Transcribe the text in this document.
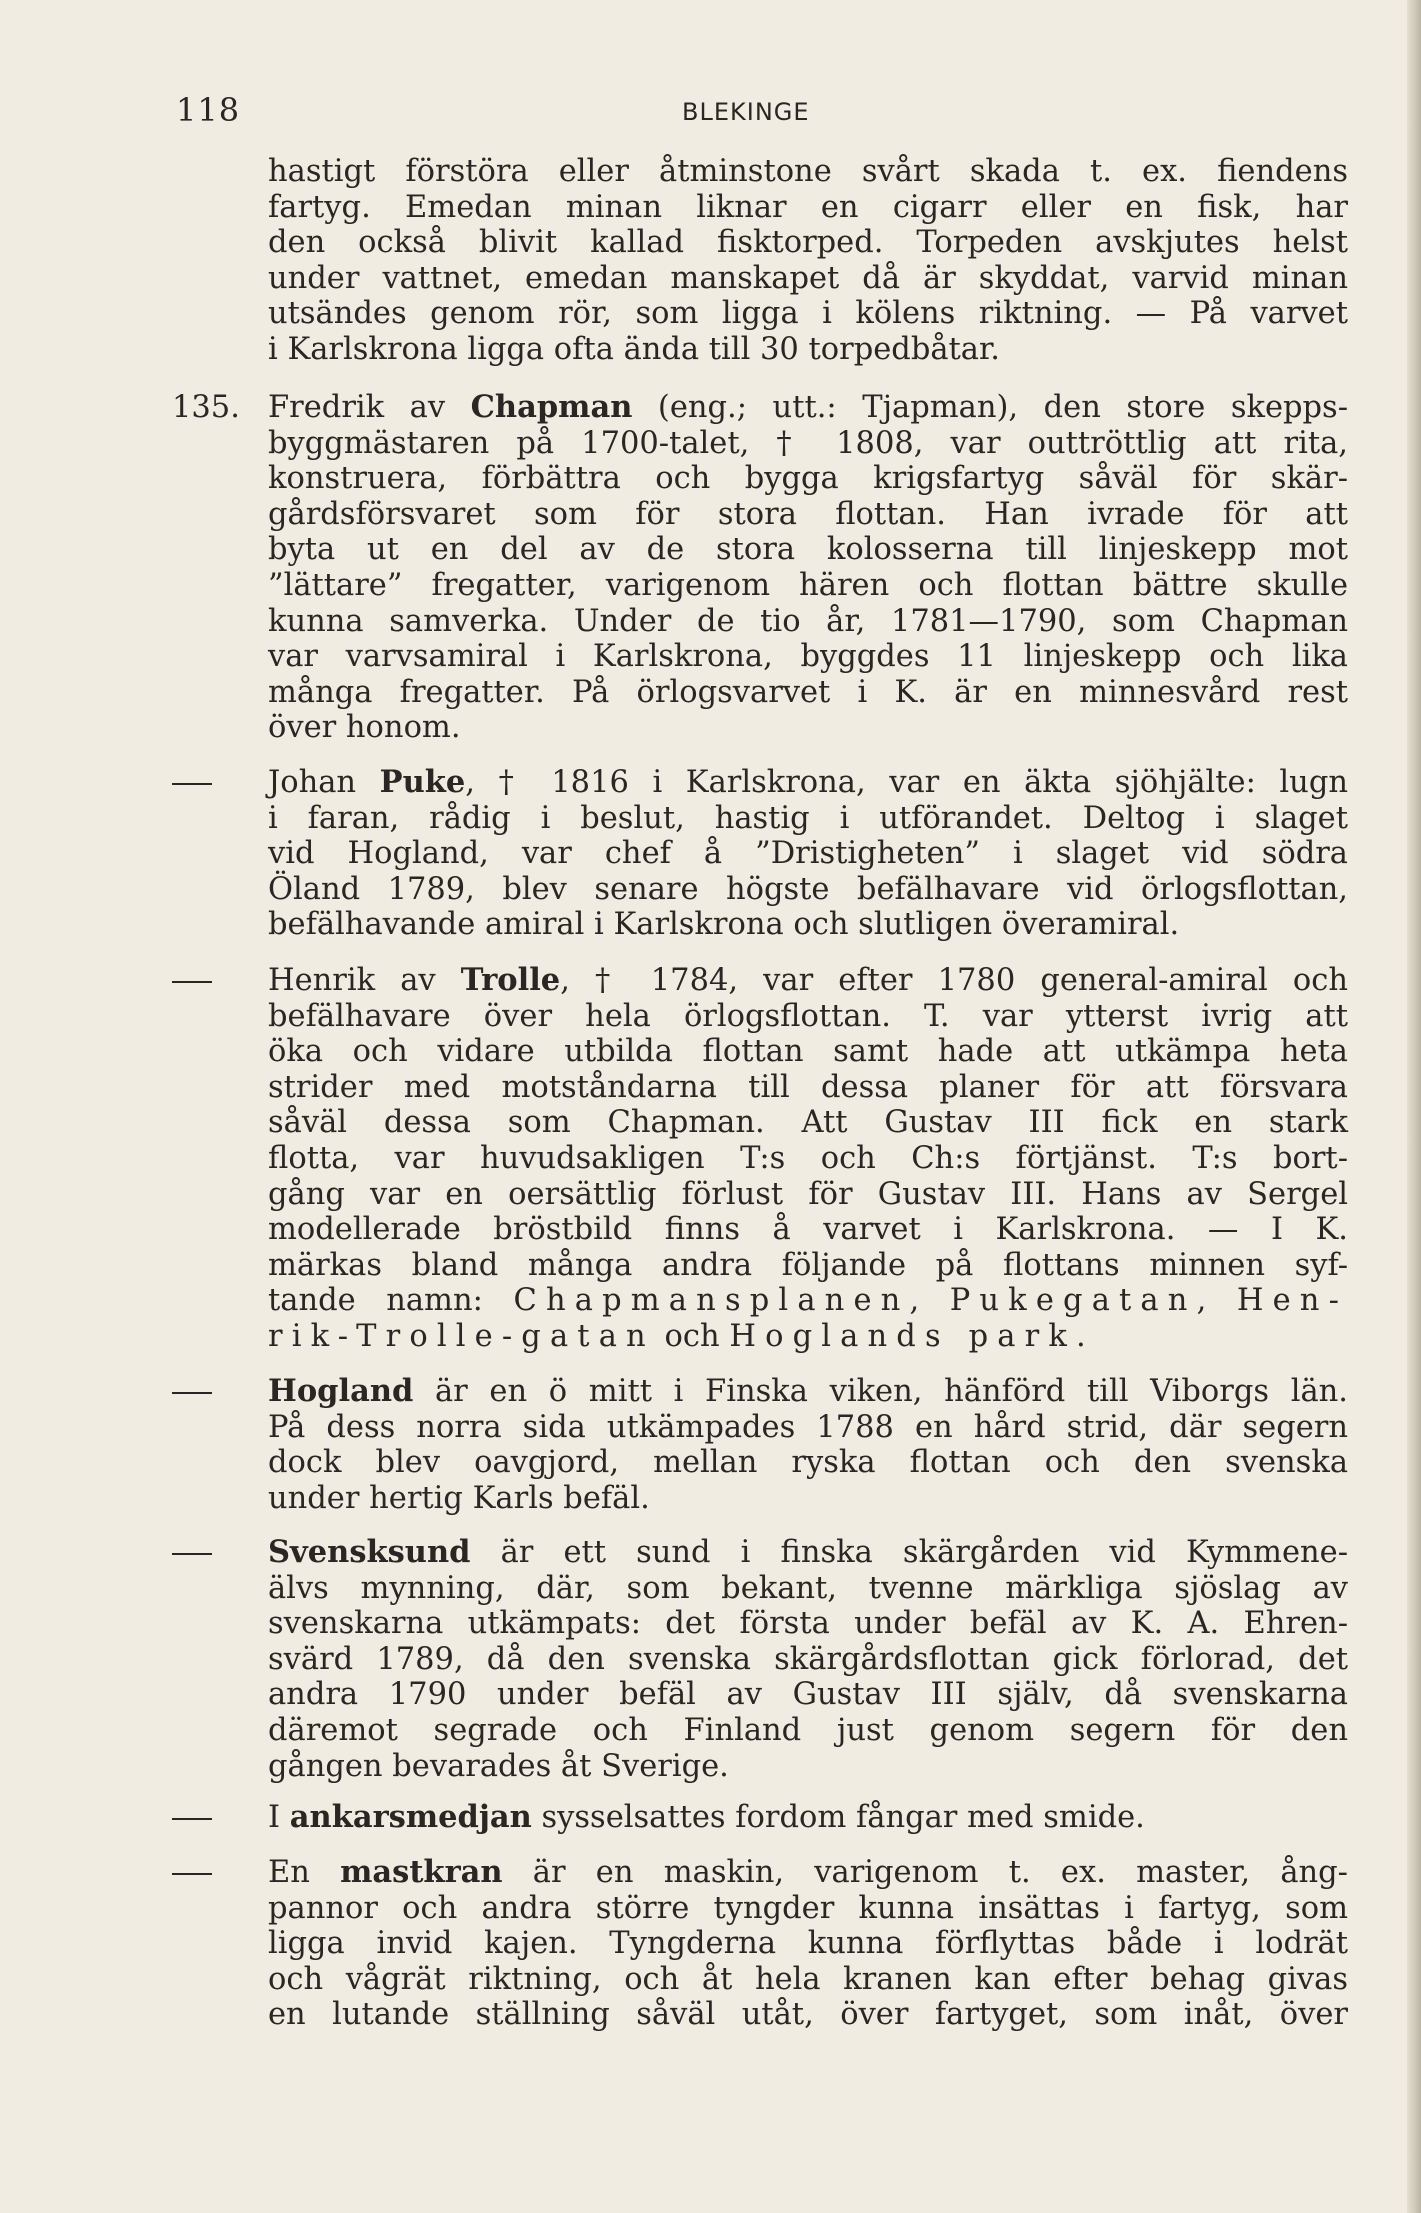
118	BLEKINGE
hastigt förstöra eller åtminstone svårt skada t. ex. fiendens
fartyg. Emedan minan liknar en cigarr eller en fisk, har
den också blivit kallad fisktorped. Torpeden avskjutes helst
under vattnet, emedan manskapet då är skyddat, varvid minan
utsändes genom rör, som ligga i kölens riktning. — På varvet
i Karlskrona ligga ofta ända till 30 torpedbåtar.
135. Fredrik av Chapman (eng.; utt.: Tjapman), den store skepps-
byggmästaren på 1700-talet, † 1808, var outtröttlig att rita,
konstruera, förbättra och bygga krigsfartyg såväl för skär-
gårdsförsvaret som för stora flottan. Han ivrade för att
byta ut en del av de stora kolosserna till linjeskepp mot
”lättare” fregatter, varigenom hären och flottan bättre skulle
kunna samverka. Under de tio år, 1781—1790, som Chapman
var varvsamiral i Karlskrona, byggdes 11 linjeskepp och lika
många fregatter. På örlogsvarvet i K. är en minnesvård rest
över honom.
Johan Puke, † 1816 i Karlskrona, var en äkta sjöhjälte: lugn
i faran, rådig i beslut, hastig i utförandet. Deltog i slaget
vid Hogland, var chef å ”Dristigheten” i slaget vid södra
Öland 1789, blev senare högste befälhavare vid örlogsflottan,
befälhavande amiral i Karlskrona och slutligen överamiral.
Henrik av Trolle, † 1784, var efter 1780 general-amiral och
befälhavare över hela örlogsflottan. T. var ytterst ivrig att
öka och vidare utbilda flottan samt hade att utkämpa heta
strider med motståndarna till dessa planer för att försvara
såväl dessa som Chapman. Att Gustav III fick en stark
flotta, var huvudsakligen T:s och Ch:s förtjänst. T:s bort-
gång var en oersättlig förlust för Gustav III. Hans av Sergel
modellerade bröstbild finns å varvet i Karlskrona. — I K.
märkas bland många andra följande på flottans minnen syf-
tande namn: Chapmansplanen, Pukegatan, Hen-
rik-Trolle-gatan och Hoglands park.
Hogland är en ö mitt i Finska viken, hänförd till Viborgs län.
På dess norra sida utkämpades 1788 en hård strid, där segern
dock blev oavgjord, mellan ryska flottan och den svenska
under hertig Karls befäl.
Svensksund är ett sund i finska skärgården vid Kymmene-
älvs mynning, där, som bekant, tvenne märkliga sjöslag av
svenskarna utkämpats: det första under befäl av K. A. Ehren-
svärd 1789, då den svenska skärgårdsflottan gick förlorad, det
andra 1790 under befäl av Gustav III själv, då svenskarna
däremot segrade och Finland just genom segern för den
gången bevarades åt Sverige.
I ankarsmedjan sysselsattes fordom fångar med smide.
En mastkran är en maskin, varigenom t. ex. master, ång-
pannor och andra större tyngder kunna insättas i fartyg, som
ligga invid kajen. Tyngderna kunna förflyttas både i lodrät
och vågrät riktning, och åt hela kranen kan efter behag givas
en lutande ställning såväl utåt, över fartyget, som inåt, över
